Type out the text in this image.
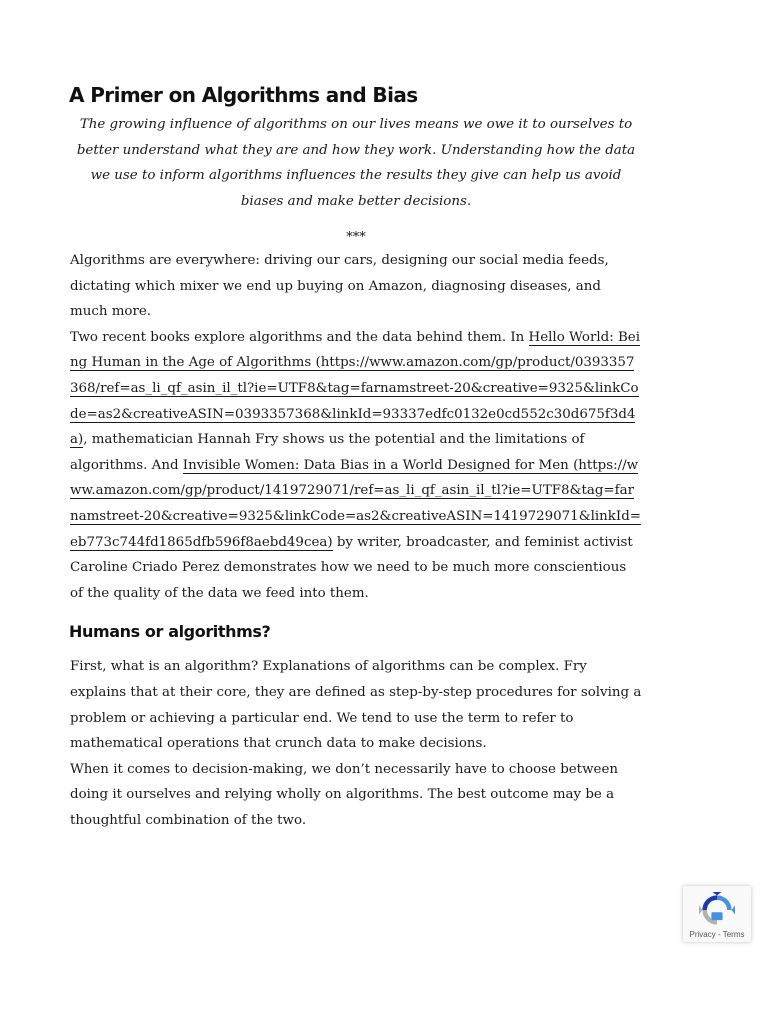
A Primer on Algorithms and Bias

The growing influence of algorithms on our lives means we owe it to ourselves to better understand what they are and how they work. Understanding how the data we use to inform algorithms influences the results they give can help us avoid biases and make better decisions.

***

Algorithms are everywhere: driving our cars, designing our social media feeds, dictating which mixer we end up buying on Amazon, diagnosing diseases, and much more.

Two recent books explore algorithms and the data behind them. In Hello World: Being Human in the Age of Algorithms (https://www.amazon.com/gp/product/0393357368/ref=as_li_qf_asin_il_tl?ie=UTF8&tag=farnamstreet-20&creative=9325&linkCode=as2&creativeASIN=0393357368&linkId=93337edfc0132e0cd552c30d675f3d4a), mathematician Hannah Fry shows us the potential and the limitations of algorithms. And Invisible Women: Data Bias in a World Designed for Men (https://www.amazon.com/gp/product/1419729071/ref=as_li_qf_asin_il_tl?ie=UTF8&tag=farnamstreet-20&creative=9325&linkCode=as2&creativeASIN=1419729071&linkId=eb773c744fd1865dfb596f8aebd49cea) by writer, broadcaster, and feminist activist Caroline Criado Perez demonstrates how we need to be much more conscientious of the quality of the data we feed into them.

Humans or algorithms?

First, what is an algorithm? Explanations of algorithms can be complex. Fry explains that at their core, they are defined as step-by-step procedures for solving a problem or achieving a particular end. We tend to use the term to refer to mathematical operations that crunch data to make decisions.

When it comes to decision-making, we don’t necessarily have to choose between doing it ourselves and relying wholly on algorithms. The best outcome may be a thoughtful combination of the two.

Privacy - Terms
